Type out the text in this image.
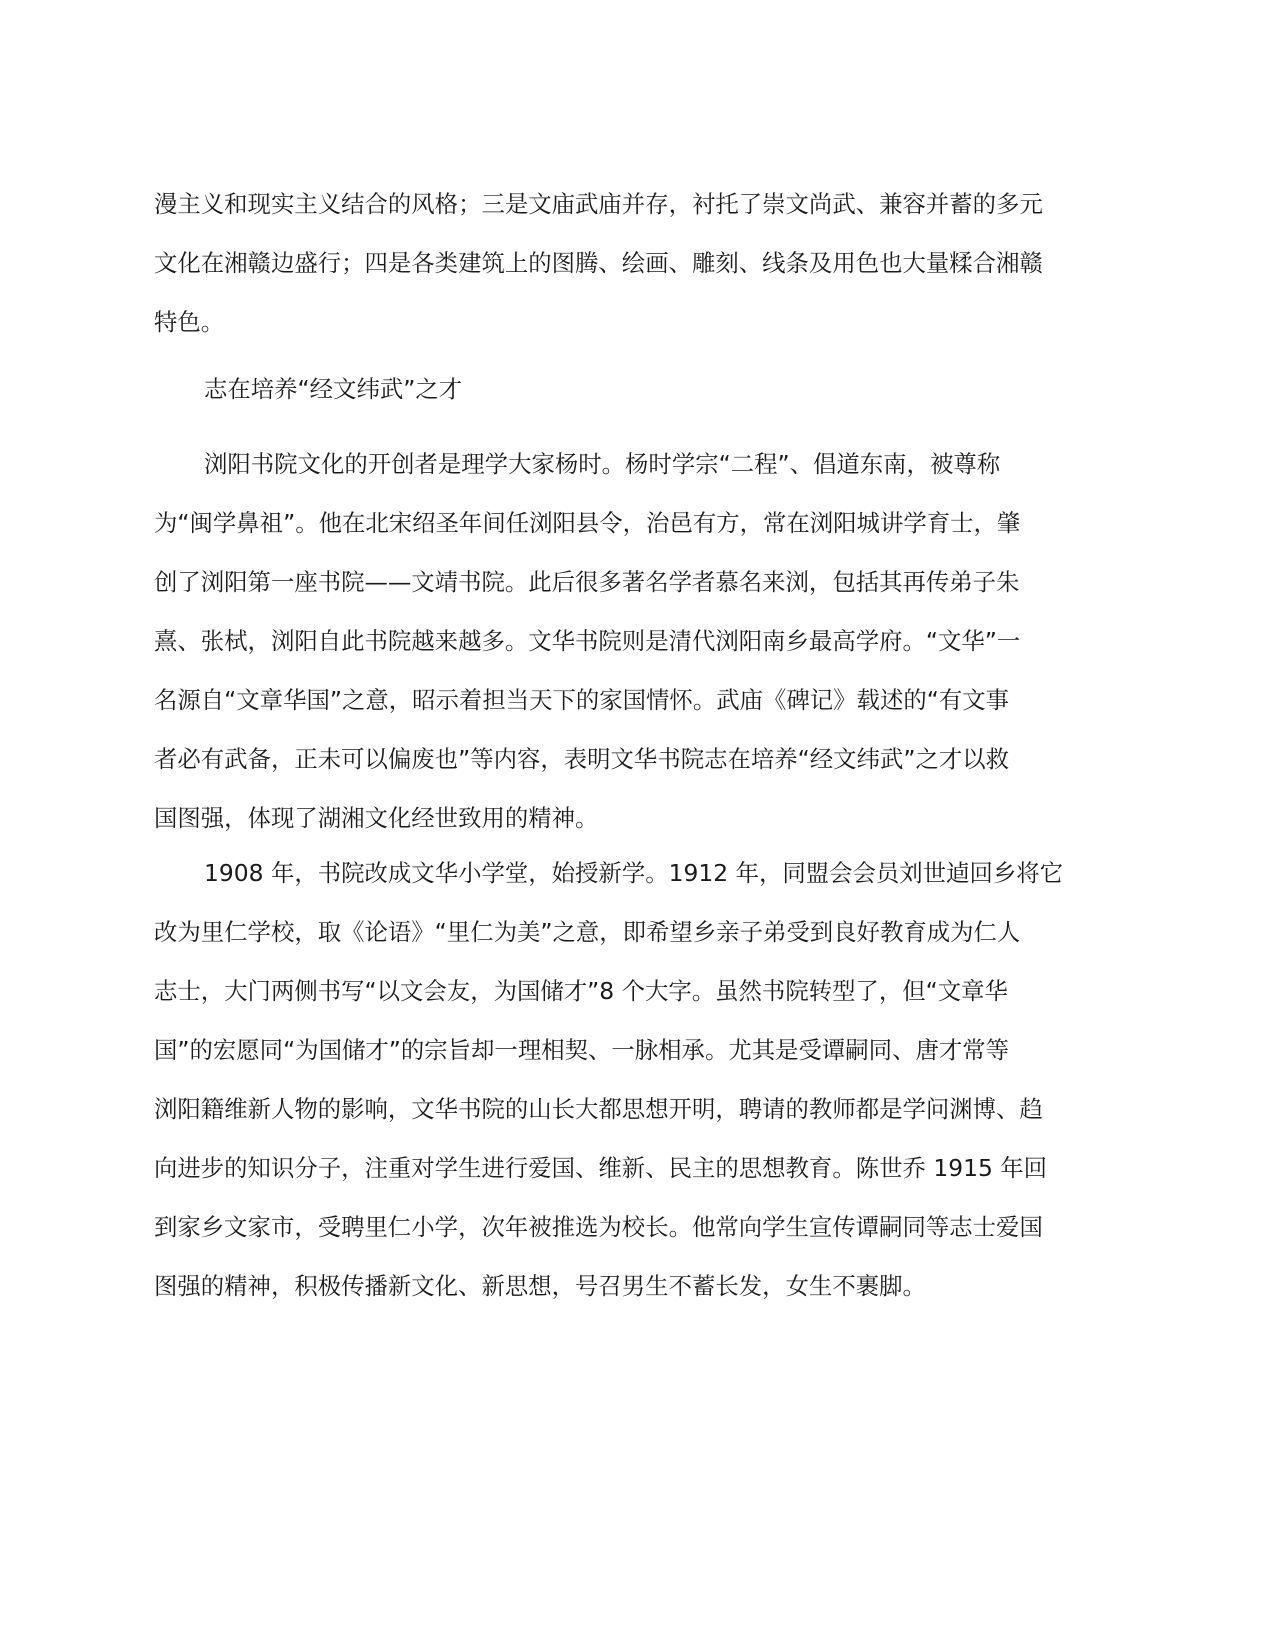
漫主义和现实主义结合的风格；三是文庙武庙并存，衬托了崇文尚武、兼容并蓄的多元
文化在湘赣边盛行；四是各类建筑上的图腾、绘画、雕刻、线条及用色也大量糅合湘赣
特色。
志在培养“经文纬武”之才
浏阳书院文化的开创者是理学大家杨时。杨时学宗“二程”、倡道东南，被尊称
为“闽学鼻祖”。他在北宋绍圣年间任浏阳县令，治邑有方，常在浏阳城讲学育士，肇
创了浏阳第一座书院——文靖书院。此后很多著名学者慕名来浏，包括其再传弟子朱
熹、张栻，浏阳自此书院越来越多。文华书院则是清代浏阳南乡最高学府。“文华”一
名源自“文章华国”之意，昭示着担当天下的家国情怀。武庙《碑记》载述的“有文事
者必有武备，正未可以偏废也”等内容，表明文华书院志在培养“经文纬武”之才以救
国图强，体现了湖湘文化经世致用的精神。
1908 年，书院改成文华小学堂，始授新学。1912 年，同盟会会员刘世逌回乡将它
改为里仁学校，取《论语》“里仁为美”之意，即希望乡亲子弟受到良好教育成为仁人
志士，大门两侧书写“以文会友，为国储才”8 个大字。虽然书院转型了，但“文章华
国”的宏愿同“为国储才”的宗旨却一理相契、一脉相承。尤其是受谭嗣同、唐才常等
浏阳籍维新人物的影响，文华书院的山长大都思想开明，聘请的教师都是学问渊博、趋
向进步的知识分子，注重对学生进行爱国、维新、民主的思想教育。陈世乔 1915 年回
到家乡文家市，受聘里仁小学，次年被推选为校长。他常向学生宣传谭嗣同等志士爱国
图强的精神，积极传播新文化、新思想，号召男生不蓄长发，女生不裹脚。
